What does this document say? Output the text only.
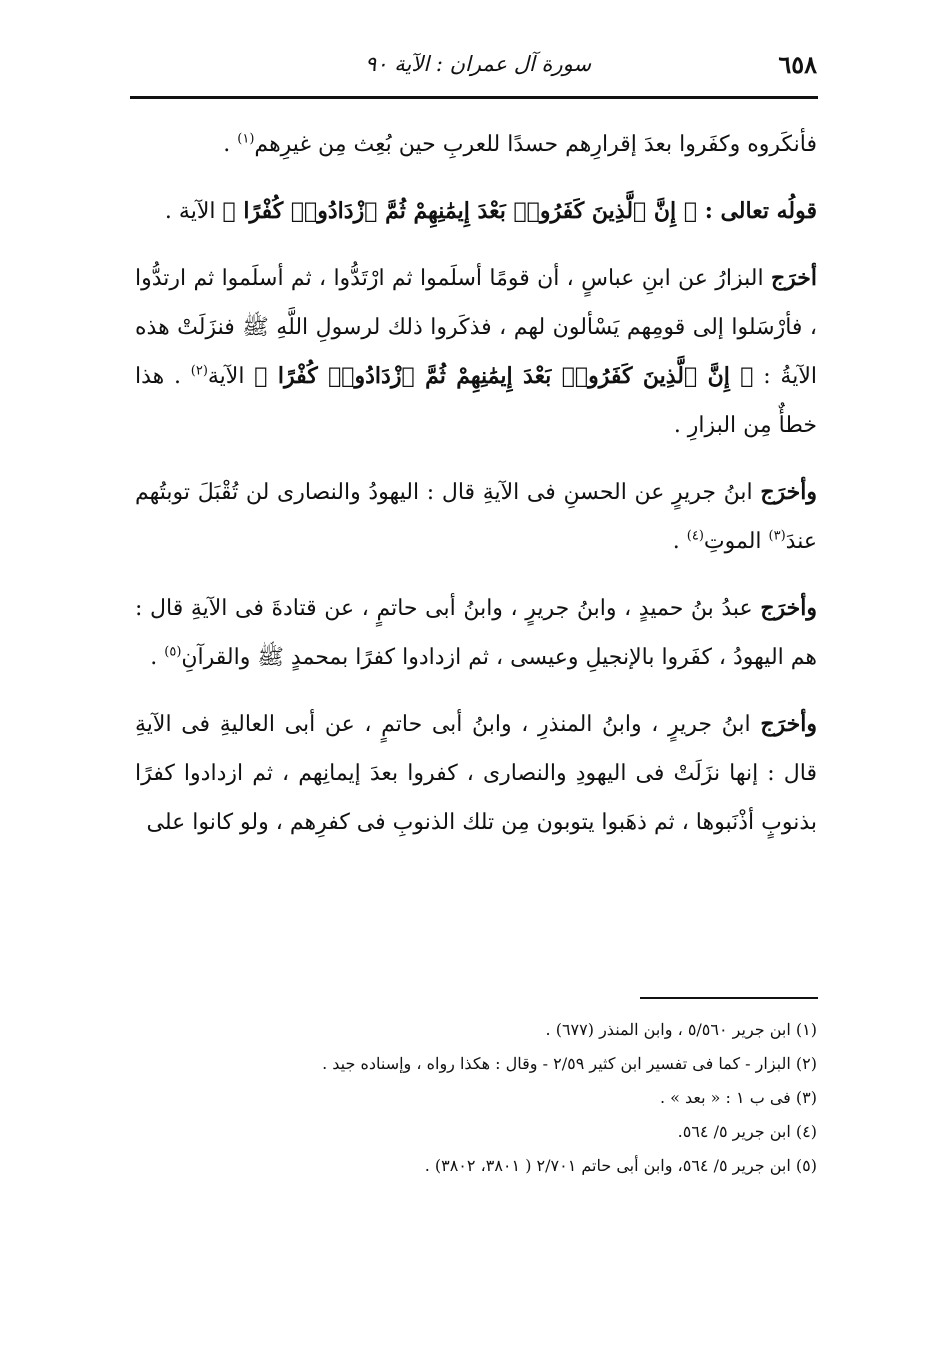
٦٥٨
سورة آل عمران : الآية ٩٠

فأنكَروه وكفَروا بعدَ إقرارِهم حسدًا للعربِ حين بُعِث مِن غيرِهم$^{(١)}$ .

قولُه تعالى : ﴿ إِنَّ ٱلَّذِينَ كَفَرُوا۟ بَعْدَ إِيمَٰنِهِمْ ثُمَّ ٱزْدَادُوا۟ كُفْرًا ﴾ الآية .

أخرَج البزارُ عن ابنِ عباسٍ ، أن قومًا أسلَموا ثم ارْتَدُّوا ، ثم أسلَموا ثم ارتدُّوا ، فأرْسَلوا إلى قومِهم يَسْألون لهم ، فذكَروا ذلك لرسولِ اللَّهِ ﷺ فنزَلَتْ هذه الآيةُ : ﴿ إِنَّ ٱلَّذِينَ كَفَرُوا۟ بَعْدَ إِيمَٰنِهِمْ ثُمَّ ٱزْدَادُوا۟ كُفْرًا ﴾ الآية$^{(٢)}$ . هذا خطأٌ مِن البزارِ .

وأخرَج ابنُ جريرٍ عن الحسنِ فى الآيةِ قال : اليهودُ والنصارى لن تُقْبَلَ توبتُهم عندَ$^{(٣)}$ الموتِ$^{(٤)}$ .

وأخرَج عبدُ بنُ حميدٍ ، وابنُ جريرٍ ، وابنُ أبى حاتمٍ ، عن قتادةَ فى الآيةِ قال : هم اليهودُ ، كفَروا بالإنجيلِ وعيسى ، ثم ازدادوا كفرًا بمحمدٍ ﷺ والقرآنِ$^{(٥)}$ .

وأخرَج ابنُ جريرٍ ، وابنُ المنذرِ ، وابنُ أبى حاتمٍ ، عن أبى العاليةِ فى الآيةِ قال : إنها نزَلَتْ فى اليهودِ والنصارى ، كفروا بعدَ إيمانِهم ، ثم ازدادوا كفرًا بذنوبٍ أذْنَبوها ، ثم ذهَبوا يتوبون مِن تلك الذنوبِ فى كفرِهم ، ولو كانوا على

(١) ابن جرير ٥/٥٦٠ ، وابن المنذر (٦٧٧) .

(٢) البزار - كما فى تفسير ابن كثير ٢/٥٩ - وقال : هكذا رواه ، وإسناده جيد .

(٣) فى ب ١ : « بعد » .

(٤) ابن جرير ٥/ ٥٦٤.

(٥) ابن جرير ٥/ ٥٦٤، وابن أبى حاتم ٢/٧٠١ ( ٣٨٠١، ٣٨٠٢) .
